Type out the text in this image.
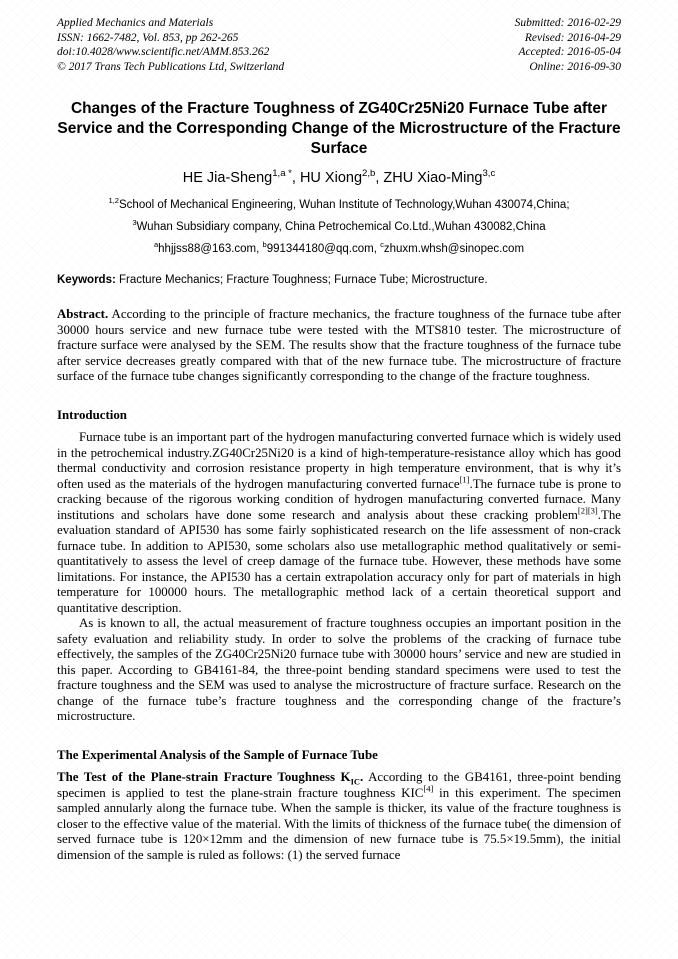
Applied Mechanics and Materials
ISSN: 1662-7482, Vol. 853, pp 262-265
doi:10.4028/www.scientific.net/AMM.853.262
© 2017 Trans Tech Publications Ltd, Switzerland
Submitted: 2016-02-29
Revised: 2016-04-29
Accepted: 2016-05-04
Online: 2016-09-30
Changes of the Fracture Toughness of ZG40Cr25Ni20 Furnace Tube after Service and the Corresponding Change of the Microstructure of the Fracture Surface
HE Jia-Sheng$^{1,a *}$, HU Xiong$^{2,b}$, ZHU Xiao-Ming$^{3,c}$
$^{1,2}$School of Mechanical Engineering, Wuhan Institute of Technology,Wuhan 430074,China;
$^3$Wuhan Subsidiary company, China Petrochemical Co.Ltd.,Wuhan 430082,China
$^a$hhjjss88@163.com, $^b$991344180@qq.com, $^c$zhuxm.whsh@sinopec.com

Keywords: Fracture Mechanics; Fracture Toughness; Furnace Tube; Microstructure.

Abstract. According to the principle of fracture mechanics, the fracture toughness of the furnace tube after 30000 hours service and new furnace tube were tested with the MTS810 tester. The microstructure of fracture surface were analysed by the SEM. The results show that the fracture toughness of the furnace tube after service decreases greatly compared with that of the new furnace tube. The microstructure of fracture surface of the furnace tube changes significantly corresponding to the change of the fracture toughness.

Introduction

Furnace tube is an important part of the hydrogen manufacturing converted furnace which is widely used in the petrochemical industry.ZG40Cr25Ni20 is a kind of high-temperature-resistance alloy which has good thermal conductivity and corrosion resistance property in high temperature environment, that is why it’s often used as the materials of the hydrogen manufacturing converted furnace[1].The furnace tube is prone to cracking because of the rigorous working condition of hydrogen manufacturing converted furnace. Many institutions and scholars have done some research and analysis about these cracking problem[2][3].The evaluation standard of API530 has some fairly sophisticated research on the life assessment of non-crack furnace tube. In addition to API530, some scholars also use metallographic method qualitatively or semi-quantitatively to assess the level of creep damage of the furnace tube. However, these methods have some limitations. For instance, the API530 has a certain extrapolation accuracy only for part of materials in high temperature for 100000 hours. The metallographic method lack of a certain theoretical support and quantitative description.

As is known to all, the actual measurement of fracture toughness occupies an important position in the safety evaluation and reliability study. In order to solve the problems of the cracking of furnace tube effectively, the samples of the ZG40Cr25Ni20 furnace tube with 30000 hours’ service and new are studied in this paper. According to GB4161-84, the three-point bending standard specimens were used to test the fracture toughness and the SEM was used to analyse the microstructure of fracture surface. Research on the change of the furnace tube’s fracture toughness and the corresponding change of the fracture’s microstructure.

The Experimental Analysis of the Sample of Furnace Tube

The Test of the Plane-strain Fracture Toughness $K_{IC}$. According to the GB4161, three-point bending specimen is applied to test the plane-strain fracture toughness KIC[4] in this experiment. The specimen sampled annularly along the furnace tube. When the sample is thicker, its value of the fracture toughness is closer to the effective value of the material. With the limits of thickness of the furnace tube( the dimension of served furnace tube is 120×12mm and the dimension of new furnace tube is 75.5×19.5mm), the initial dimension of the sample is ruled as follows: (1) the served furnace
